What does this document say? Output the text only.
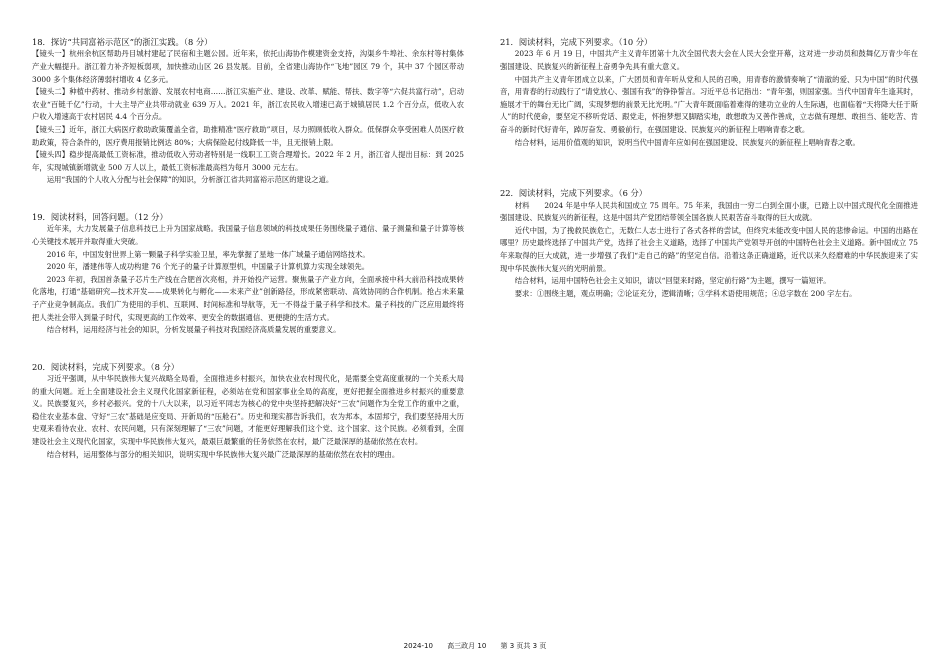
18．探访“共同富裕示范区”的浙江实践。（8 分）

【镜头一】杭州余杭区帮助丹目城村建起了民宿和主题公园。近年来，依托山海协作模建资金支持，沟渠乡牛埠社、余东村等村集体产业大幅提升。浙江着力补齐短板弱项，加快推动山区 26 县发展。目前，全省建山海协作“飞地”园区 79 个，其中 37 个园区带动 3000 多个集体经济薄弱村增收 4 亿多元。

【镜头二】种植中药材、推动乡村旅游、发展农村电商……浙江实施产业、建设、改革、赋能、帮扶、数字等“六促共富行动”，启动农业“百链千亿”行动，十大主导产业共带动就业 639 万人。2021 年，浙江农民收入增速已高于城镇居民 1.2 个百分点，低收入农户收入增速高于农村居民 4.4 个百分点。

【镜头三】近年，浙江大病医疗救助政策覆盖全省，助推精准“医疗救助”项目，尽力照顾低收入群众。低保群众享受困难人员医疗救助政策，符合条件的，医疗费用报销比例达 80%；大病保险起付线降低一半，且无报销上限。

【镜头四】稳步提高最低工资标准，推动低收入劳动者特别是一线职工工资合理增长。2022 年 2 月，浙江省人提出目标：到 2025 年，实现城镇新增就业 500 万人以上，最低工资标准最高档为每月 3000 元左右。

运用“我国的个人收入分配与社会保障”的知识，分析浙江省共同富裕示范区的建设之道。

19．阅读材料，回答问题。（12 分）

近年来，大力发展量子信息科技已上升为国家战略。我国量子信息领域的科技成果任务围绕量子通信、量子测量和量子计算等核心关键技术展开并取得重大突破。

2016 年，中国发射世界上第一颗量子科学实验卫星，率先掌握了星地一体广域量子通信网络技术。

2020 年，潘建伟等人成功构建 76 个光子的量子计算原型机，中国量子计算机算力实现全球领先。

2023 年初，我国首条量子芯片生产线在合肥首次亮相，并开始投产运营。聚焦量子产业方向，全面承接中科大前沿科技成果转化落地，打通“基础研究—技术开发——成果转化与孵化——未来产业”创新路径，形成紧密联动、高效协同的合作机制。抢占未来量子产业竞争制高点。我们广为使用的手机、互联网、时间标准和导航等，无一不得益于量子科学和技术。量子科技的广泛应用最终将把人类社会带入到量子时代，实现更高的工作效率、更安全的数据通信、更便捷的生活方式。

结合材料，运用经济与社会的知识，分析发展量子科技对我国经济高质量发展的重要意义。

20．阅读材料，完成下列要求。（8 分）

习近平强调，从中华民族伟大复兴战略全局看，全面推进乡村振兴，加快农业农村现代化，是需要全党高度重视的一个关系大局的重大问题。近上全面建设社会主义现代化国家新征程，必须站在党和国家事业全局的高度，更好把握全面推进乡村振兴的重要意义。民族要复兴，乡村必振兴。党的十八大以来，以习近平同志为核心的党中央坚持把解决好“三农”问题作为全党工作的重中之重，稳住农业基本盘、守好“三农”基础是应变局、开新局的“压舱石”。历史和现实都告诉我们，农为邦本，本固邦宁，我们要坚持用大历史观来看待农业、农村、农民问题，只有深刻理解了“三农”问题，才能更好理解我们这个党、这个国家、这个民族。必须看到，全面建设社会主义现代化国家，实现中华民族伟大复兴，最艰巨最繁重的任务依然在农村，最广泛最深厚的基础依然在农村。

结合材料，运用整体与部分的相关知识，说明实现中华民族伟大复兴最广泛最深厚的基础依然在农村的理由。

21．阅读材料，完成下列要求。（10 分）

2023 年 6 月 19 日，中国共产主义青年团第十九次全国代表大会在人民大会堂开幕，这对进一步动员和鼓舞亿万青少年在强国建设、民族复兴的新征程上奋勇争先具有重大意义。

中国共产主义青年团成立以来，广大团员和青年听从党和人民的召唤，用青春的激情奏响了“清澈的爱、只为中国”的时代强音，用青春的行动践行了“请党放心、强国有我”的铮铮誓言。习近平总书记指出：“青年强，则国家强。当代中国青年生逢其时，施展才干的舞台无比广阔，实现梦想的前景无比光明。”广大青年既面临着难得的建功立业的人生际遇，也面临着“天将降大任于斯人”的时代使命，要坚定不移听党话、跟党走，怀抱梦想又脚踏实地，敢想敢为又善作善成，立志做有理想、敢担当、能吃苦、肯奋斗的新时代好青年，踔厉奋发、勇毅前行，在强国建设、民族复兴的新征程上唱响青春之歌。

结合材料，运用价值观的知识，说明当代中国青年应如何在强国建设、民族复兴的新征程上唱响青春之歌。

22．阅读材料，完成下列要求。（6 分）

材料　　2024 年是中华人民共和国成立 75 周年。75 年来，我国由一穷二白到全面小康，已踏上以中国式现代化全面推进强国建设、民族复兴的新征程，这是中国共产党团结带领全国各族人民艰苦奋斗取得的巨大成就。

近代中国，为了挽救民族危亡，无数仁人志士进行了各式各样的尝试，但终究未能改变中国人民的悲惨命运。中国的出路在哪里？历史最终选择了中国共产党，选择了社会主义道路，选择了中国共产党领导开创的中国特色社会主义道路。新中国成立 75 年来取得的巨大成就，进一步增强了我们“走自己的路”的坚定自信。沿着这条正确道路，近代以来久经磨难的中华民族迎来了实现中华民族伟大复兴的光明前景。

结合材料，运用中国特色社会主义知识，请以“回望来时路，坚定前行路”为主题，撰写一篇短评。

要求：①围绕主题，观点明确；②论证充分，逻辑清晰；③学科术语使用规范；④总字数在 200 字左右。

2024-10 高三政月 10 第 3 页共 3 页
